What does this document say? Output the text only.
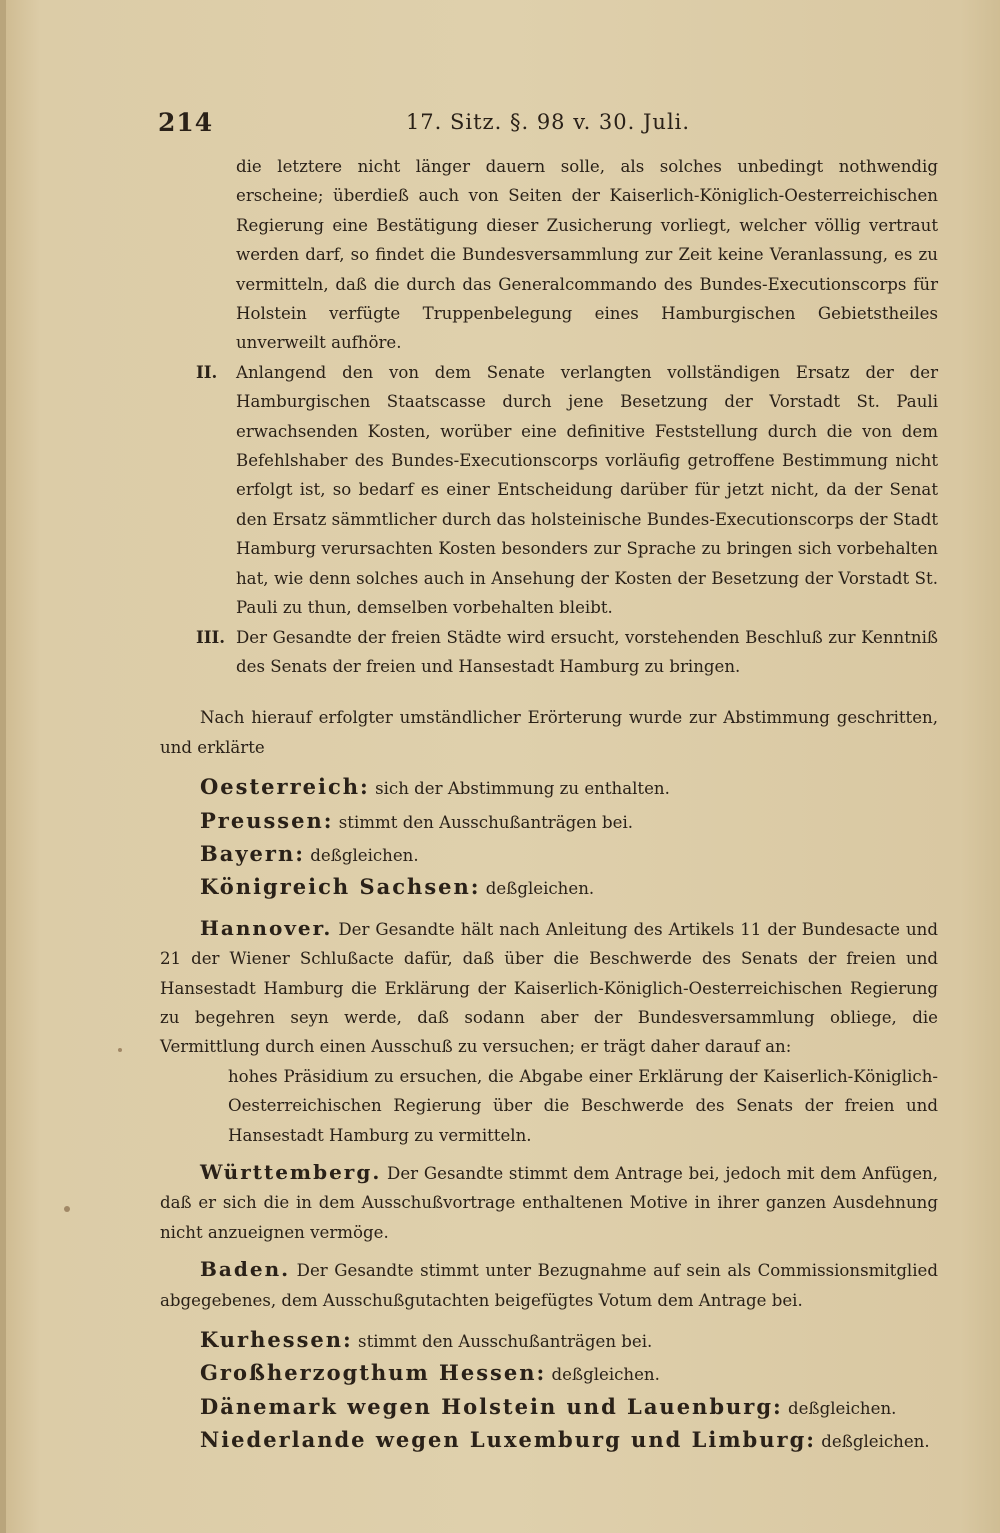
214	17. Sitz. §. 98 v. 30. Juli.

die letztere nicht länger dauern solle, als solches unbedingt nothwendig erscheine; überdieß auch von Seiten der Kaiserlich-Königlich-Oesterreichischen Regierung eine Bestätigung dieser Zusicherung vorliegt, welcher völlig vertraut werden darf, so findet die Bundesversammlung zur Zeit keine Veranlassung, es zu vermitteln, daß die durch das Generalcommando des Bundes-Executionscorps für Holstein verfügte Truppenbelegung eines Hamburgischen Gebietstheiles unverweilt aufhöre.

II. Anlangend den von dem Senate verlangten vollständigen Ersatz der der Hamburgischen Staatscasse durch jene Besetzung der Vorstadt St. Pauli erwachsenden Kosten, worüber eine definitive Feststellung durch die von dem Befehlshaber des Bundes-Executionscorps vorläufig getroffene Bestimmung nicht erfolgt ist, so bedarf es einer Entscheidung darüber für jetzt nicht, da der Senat den Ersatz sämmtlicher durch das holsteinische Bundes-Executionscorps der Stadt Hamburg verursachten Kosten besonders zur Sprache zu bringen sich vorbehalten hat, wie denn solches auch in Ansehung der Kosten der Besetzung der Vorstadt St. Pauli zu thun, demselben vorbehalten bleibt.

III. Der Gesandte der freien Städte wird ersucht, vorstehenden Beschluß zur Kenntniß des Senats der freien und Hansestadt Hamburg zu bringen.

Nach hierauf erfolgter umständlicher Erörterung wurde zur Abstimmung geschritten, und erklärte

Oesterreich: sich der Abstimmung zu enthalten.
Preussen: stimmt den Ausschußanträgen bei.
Bayern: deßgleichen.
Königreich Sachsen: deßgleichen.

Hannover. Der Gesandte hält nach Anleitung des Artikels 11 der Bundesacte und 21 der Wiener Schlußacte dafür, daß über die Beschwerde des Senats der freien und Hansestadt Hamburg die Erklärung der Kaiserlich-Königlich-Oesterreichischen Regierung zu begehren seyn werde, daß sodann aber der Bundesversammlung obliege, die Vermittlung durch einen Ausschuß zu versuchen; er trägt daher darauf an:

hohes Präsidium zu ersuchen, die Abgabe einer Erklärung der Kaiserlich-Königlich-Oesterreichischen Regierung über die Beschwerde des Senats der freien und Hansestadt Hamburg zu vermitteln.

Württemberg. Der Gesandte stimmt dem Antrage bei, jedoch mit dem Anfügen, daß er sich die in dem Ausschußvortrage enthaltenen Motive in ihrer ganzen Ausdehnung nicht anzueignen vermöge.

Baden. Der Gesandte stimmt unter Bezugnahme auf sein als Commissionsmitglied abgegebenes, dem Ausschußgutachten beigefügtes Votum dem Antrage bei.

Kurhessen: stimmt den Ausschußanträgen bei.
Großherzogthum Hessen: deßgleichen.
Dänemark wegen Holstein und Lauenburg: deßgleichen.
Niederlande wegen Luxemburg und Limburg: deßgleichen.
